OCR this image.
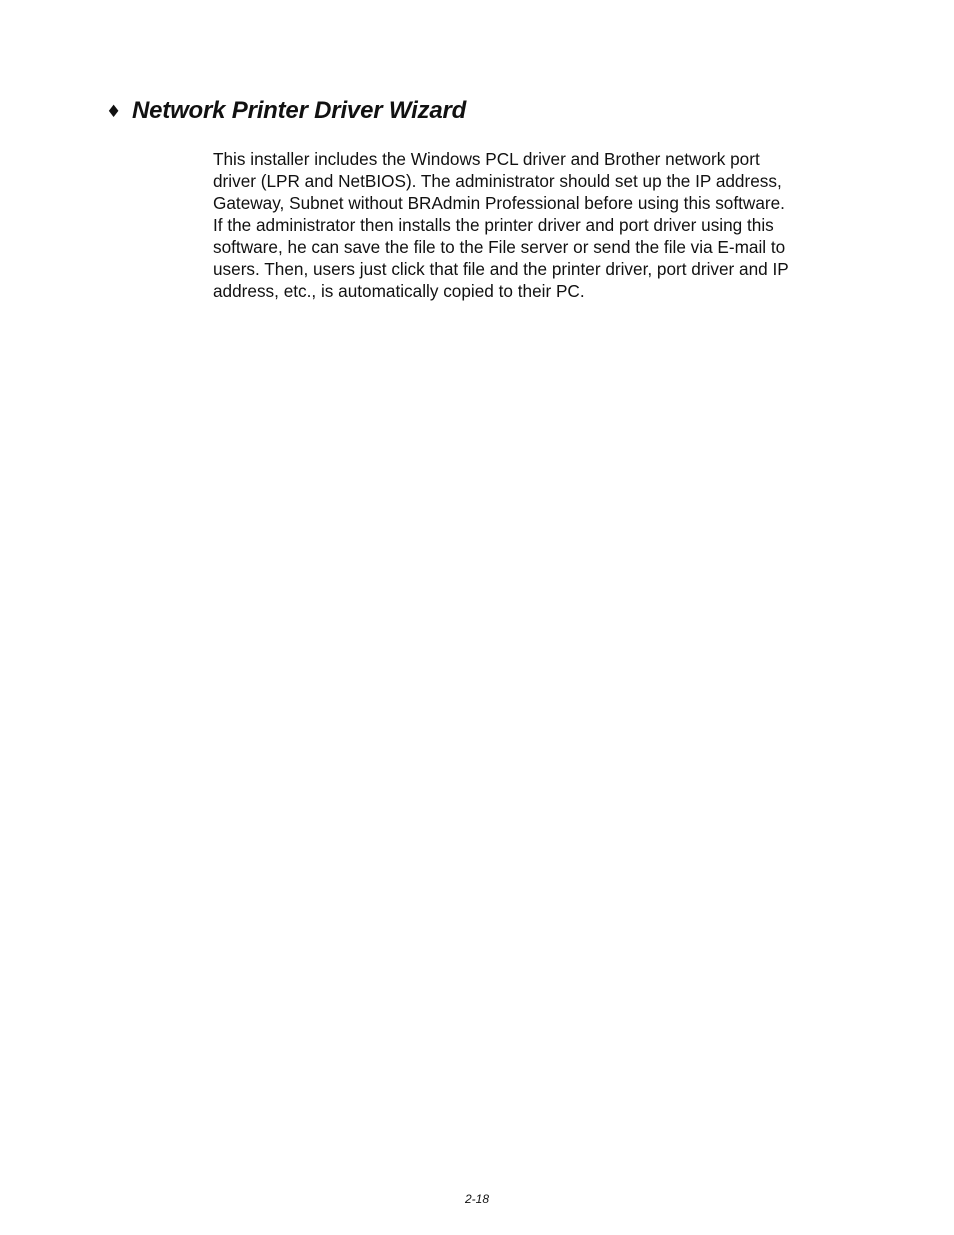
♦ Network Printer Driver Wizard

This installer includes the Windows PCL driver and Brother network port
driver (LPR and NetBIOS). The administrator should set up the IP address,
Gateway, Subnet without BRAdmin Professional before using this software.
If the administrator then installs the printer driver and port driver using this
software, he can save the file to the File server or send the file via E-mail to
users. Then, users just click that file and the printer driver, port driver and IP
address, etc., is automatically copied to their PC.

2-18
